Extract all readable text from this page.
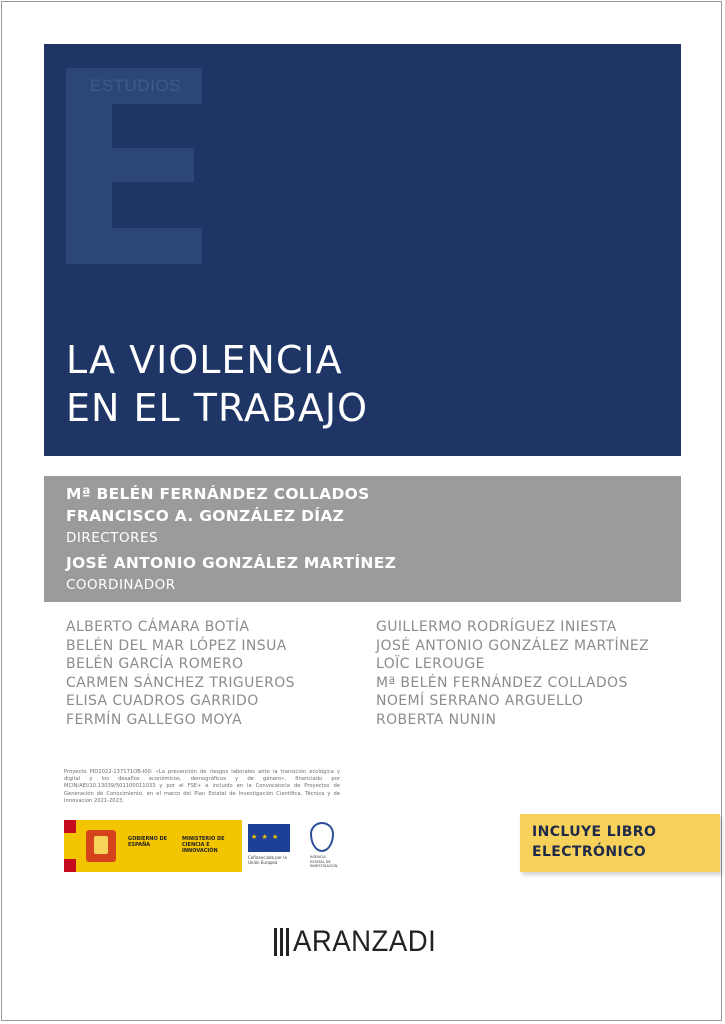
ESTUDIOS
LA VIOLENCIA
EN EL TRABAJO
Mª BELÉN FERNÁNDEZ COLLADOS
FRANCISCO A. GONZÁLEZ DÍAZ
DIRECTORES
JOSÉ ANTONIO GONZÁLEZ MARTÍNEZ
COORDINADOR
ALBERTO CÁMARA BOTÍA
BELÉN DEL MAR LÓPEZ INSUA
BELÉN GARCÍA ROMERO
CARMEN SÁNCHEZ TRIGUEROS
ELISA CUADROS GARRIDO
FERMÍN GALLEGO MOYA
GUILLERMO RODRÍGUEZ INIESTA
JOSÉ ANTONIO GONZÁLEZ MARTÍNEZ
LOÏC LEROUGE
Mª BELÉN FERNÁNDEZ COLLADOS
NOEMÍ SERRANO ARGUELLO
ROBERTA NUNIN
Proyecto PID2022-137171OB-I00: «La prevención de riesgos laborales ante la transición ecológica y digital y los desafíos económicos, demográficos y de género», financiado por MCIN/AEI/10.13039/501100011033 y por el FSE+ e incluido en la Convocatoria de Proyectos de Generación de Conocimiento, en el marco del Plan Estatal de Investigación Científica, Técnica y de Innovación 2021-2023.
GOBIERNO DE ESPAÑA
MINISTERIO DE CIENCIA E INNOVACIÓN
★ ★ ★
Cofinanciado por la Unión Europea
AGENCIA ESTATAL DE INVESTIGACIÓN
INCLUYE LIBRO
ELECTRÓNICO
ARANZADI
